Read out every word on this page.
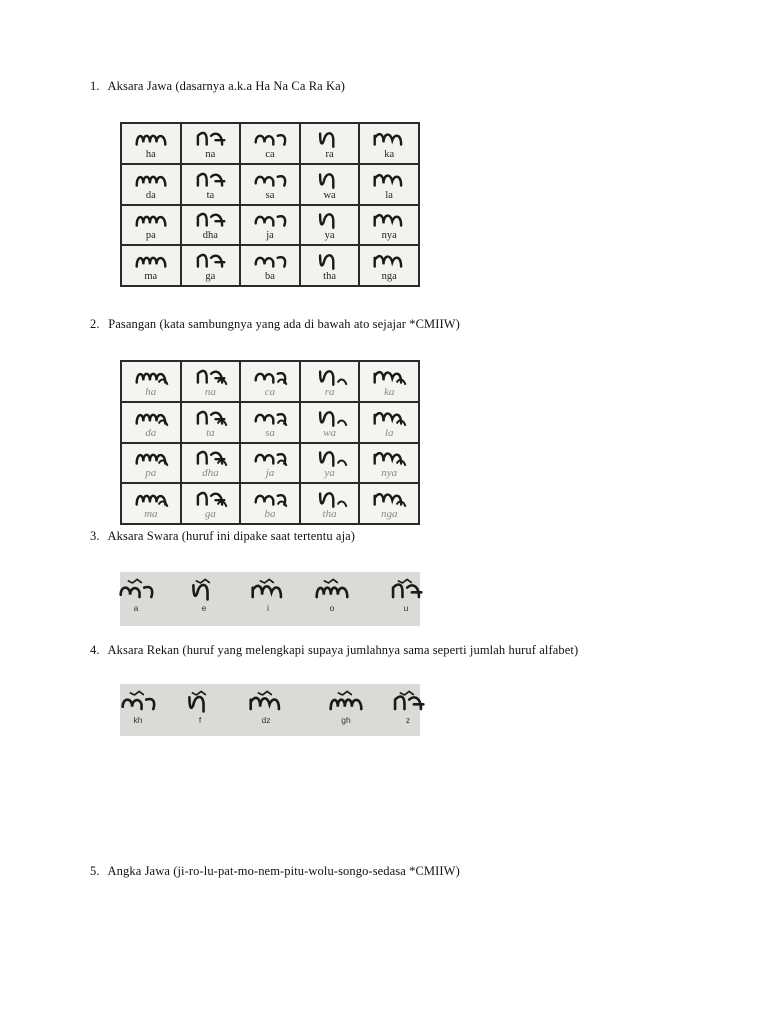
1. Aksara Jawa (dasarnya a.k.a Ha Na Ca Ra Ka)
2. Pasangan (kata sambungnya yang ada di bawah ato sejajar *CMIIW)
3. Aksara Swara (huruf ini dipake saat tertentu aja)
4. Aksara Rekan (huruf yang melengkapi supaya jumlahnya sama seperti jumlah huruf alfabet)
5. Angka Jawa (ji-ro-lu-pat-mo-nem-pitu-wolu-songo-sedasa *CMIIW)
ha	na	ca	ra	ka

da	ta	sa	wa	la

pa	dha	ja	ya	nya

ma	ga	ba	tha	nga
ha	na	ca	ra	ka

da	ta	sa	wa	la

pa	dha	ja	ya	nya

ma	ga	ba	tha	nga
a	e	i	o	u
kh	f	dz	gh	z
